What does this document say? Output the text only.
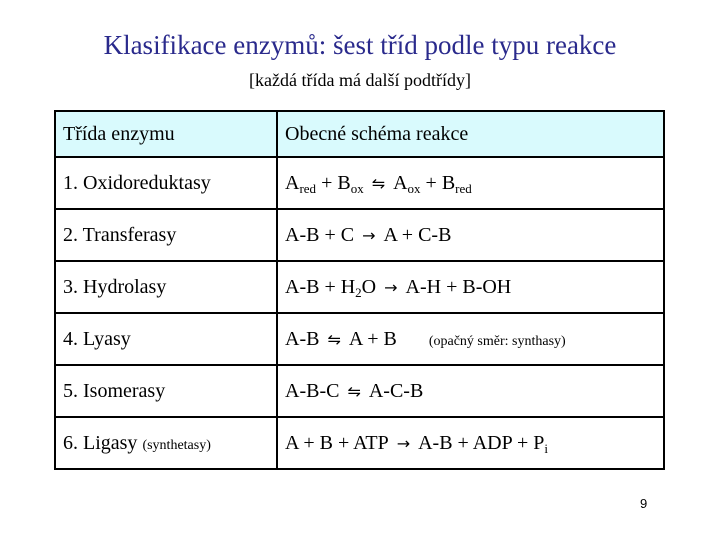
Klasifikace enzymů: šest tříd podle typu reakce
[každá třída má další podtřídy]
Třída enzymu	Obecné schéma reakce
1. Oxidoreduktasy	$A_{red} + B_{ox}$ ⇋ $A_{ox} + B_{red}$
2. Transferasy	A-B + C → A + C-B
3. Hydrolasy	$A-B + H_2O \to A-H + B-OH$
4. Lyasy	A-B ⇋ A + B (opačný směr: synthasy)
5. Isomerasy	A-B-C ⇋ A-C-B
6. Ligasy (synthetasy)	A + B + ATP → A-B + ADP + $P_i$
9
